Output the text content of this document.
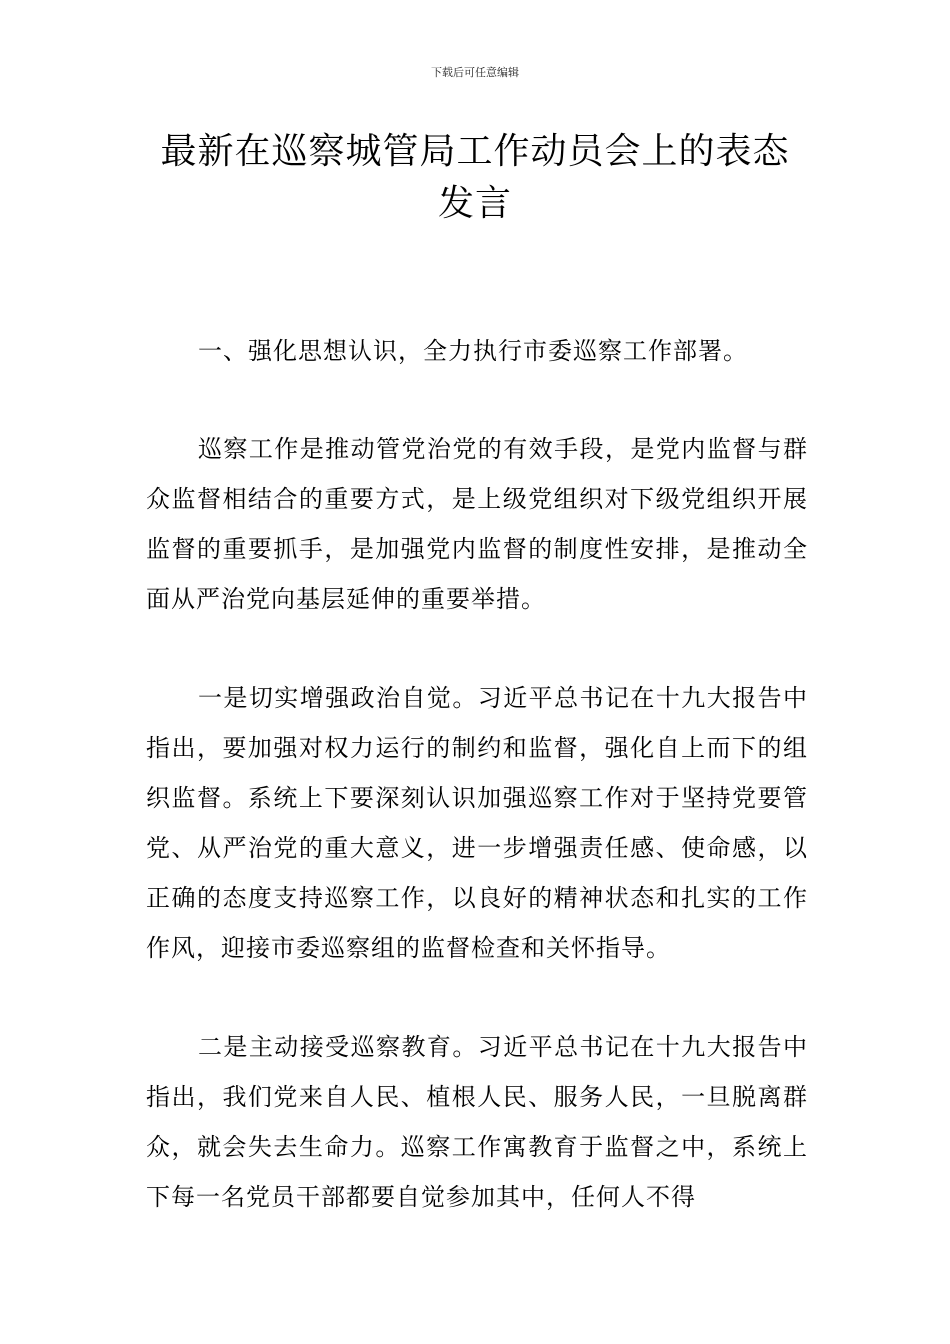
下载后可任意编辑
最新在巡察城管局工作动员会上的表态发言

一、强化思想认识，全力执行市委巡察工作部署。

巡察工作是推动管党治党的有效手段，是党内监督与群众监督相结合的重要方式，是上级党组织对下级党组织开展监督的重要抓手，是加强党内监督的制度性安排，是推动全面从严治党向基层延伸的重要举措。

一是切实增强政治自觉。习近平总书记在十九大报告中指出，要加强对权力运行的制约和监督，强化自上而下的组织监督。系统上下要深刻认识加强巡察工作对于坚持党要管党、从严治党的重大意义，进一步增强责任感、使命感，以正确的态度支持巡察工作，以良好的精神状态和扎实的工作作风，迎接市委巡察组的监督检查和关怀指导。

二是主动接受巡察教育。习近平总书记在十九大报告中指出，我们党来自人民、植根人民、服务人民，一旦脱离群众，就会失去生命力。巡察工作寓教育于监督之中，系统上下每一名党员干部都要自觉参加其中，任何人不得
